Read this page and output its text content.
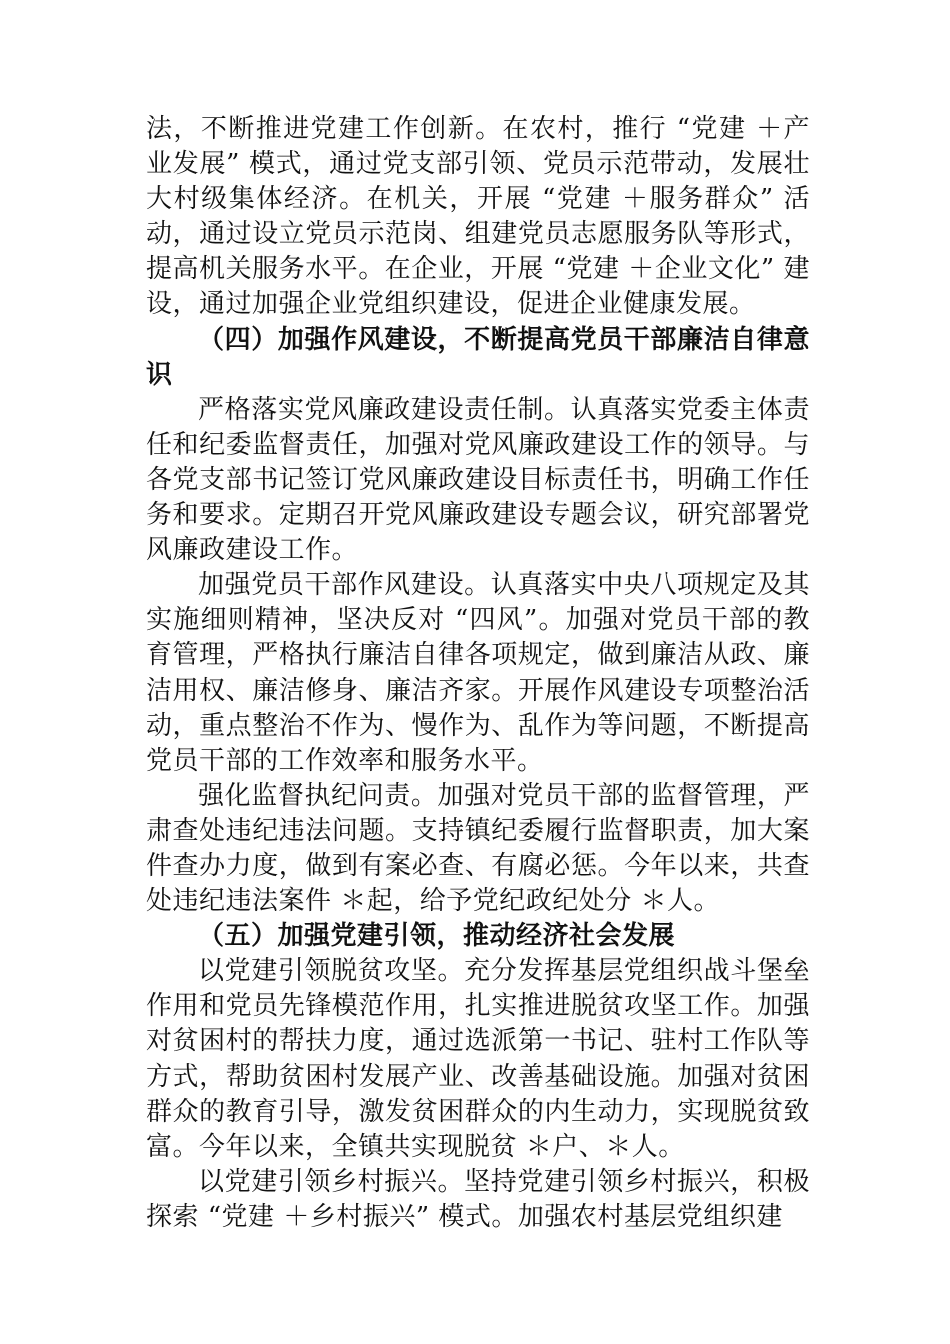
法，不断推进党建工作创新。在农村，推行 “党建 ＋产业发展” 模式，通过党支部引领、党员示范带动，发展壮大村级集体经济。在机关，开展 “党建 ＋服务群众” 活动，通过设立党员示范岗、组建党员志愿服务队等形式，提高机关服务水平。在企业，开展 “党建 ＋企业文化” 建设，通过加强企业党组织建设，促进企业健康发展。

（四）加强作风建设，不断提高党员干部廉洁自律意识

严格落实党风廉政建设责任制。认真落实党委主体责任和纪委监督责任，加强对党风廉政建设工作的领导。与各党支部书记签订党风廉政建设目标责任书，明确工作任务和要求。定期召开党风廉政建设专题会议，研究部署党风廉政建设工作。

加强党员干部作风建设。认真落实中央八项规定及其实施细则精神，坚决反对 “四风”。加强对党员干部的教育管理，严格执行廉洁自律各项规定，做到廉洁从政、廉洁用权、廉洁修身、廉洁齐家。开展作风建设专项整治活动，重点整治不作为、慢作为、乱作为等问题，不断提高党员干部的工作效率和服务水平。

强化监督执纪问责。加强对党员干部的监督管理，严肃查处违纪违法问题。支持镇纪委履行监督职责，加大案件查办力度，做到有案必查、有腐必惩。今年以来，共查处违纪违法案件 ＊起，给予党纪政纪处分 ＊人。

（五）加强党建引领，推动经济社会发展

以党建引领脱贫攻坚。充分发挥基层党组织战斗堡垒作用和党员先锋模范作用，扎实推进脱贫攻坚工作。加强对贫困村的帮扶力度，通过选派第一书记、驻村工作队等方式，帮助贫困村发展产业、改善基础设施。加强对贫困群众的教育引导，激发贫困群众的内生动力，实现脱贫致富。今年以来，全镇共实现脱贫 ＊户、＊人。

以党建引领乡村振兴。坚持党建引领乡村振兴，积极探索 “党建 ＋乡村振兴” 模式。加强农村基层党组织建
